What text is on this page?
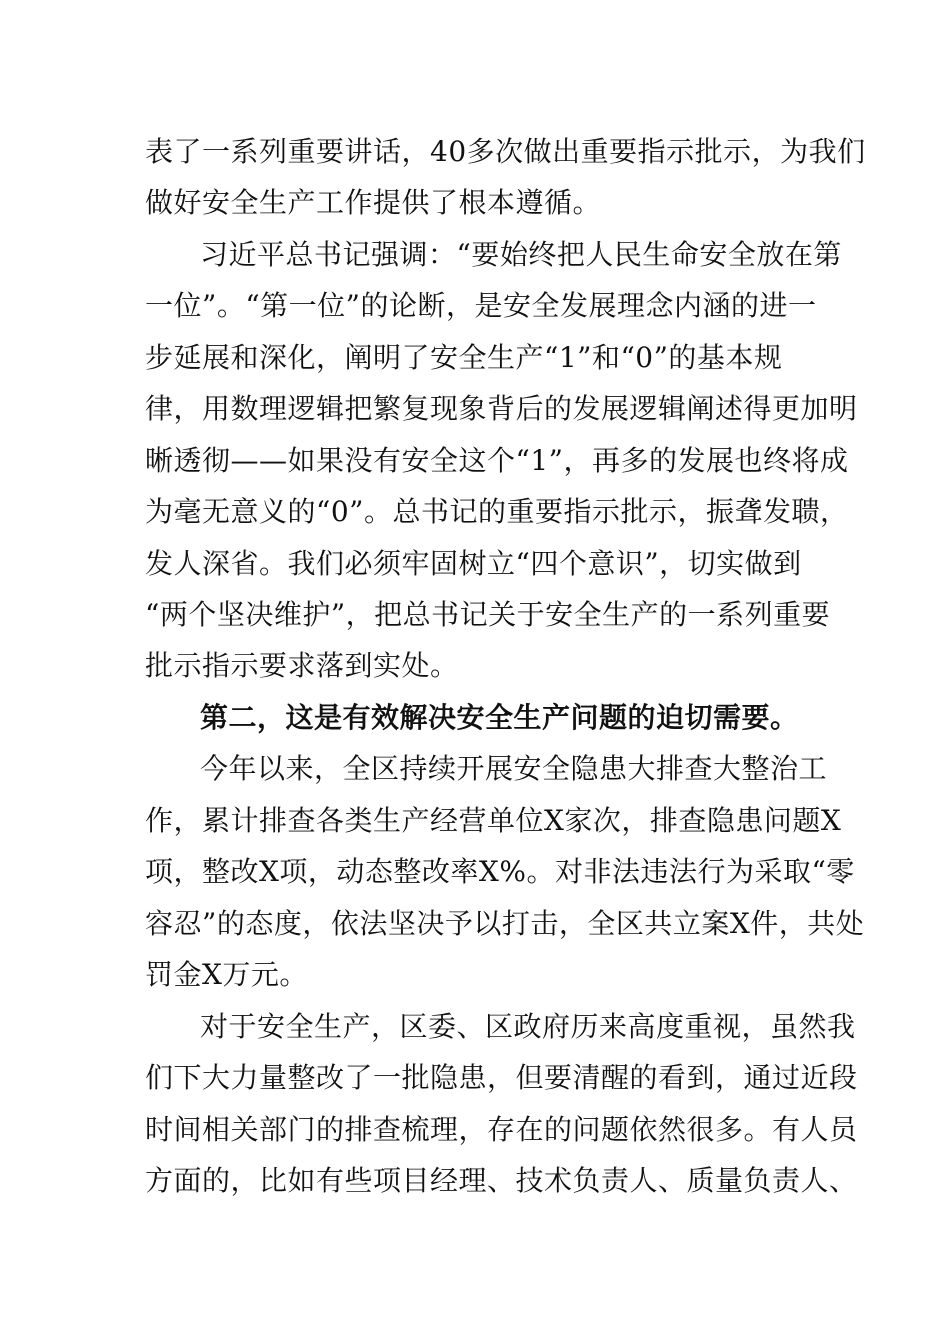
表了一系列重要讲话，40多次做出重要指示批示，为我们
做好安全生产工作提供了根本遵循。
习近平总书记强调：“要始终把人民生命安全放在第
一位”。“第一位”的论断，是安全发展理念内涵的进一
步延展和深化，阐明了安全生产“1”和“0”的基本规
律，用数理逻辑把繁复现象背后的发展逻辑阐述得更加明
晰透彻——如果没有安全这个“1”，再多的发展也终将成
为毫无意义的“0”。总书记的重要指示批示，振聋发聩，
发人深省。我们必须牢固树立“四个意识”，切实做到
“两个坚决维护”，把总书记关于安全生产的一系列重要
批示指示要求落到实处。
第二，这是有效解决安全生产问题的迫切需要。
今年以来，全区持续开展安全隐患大排查大整治工
作，累计排查各类生产经营单位X家次，排查隐患问题X
项，整改X项，动态整改率X%。对非法违法行为采取“零
容忍”的态度，依法坚决予以打击，全区共立案X件，共处
罚金X万元。
对于安全生产，区委、区政府历来高度重视，虽然我
们下大力量整改了一批隐患，但要清醒的看到，通过近段
时间相关部门的排查梳理，存在的问题依然很多。有人员
方面的，比如有些项目经理、技术负责人、质量负责人、
